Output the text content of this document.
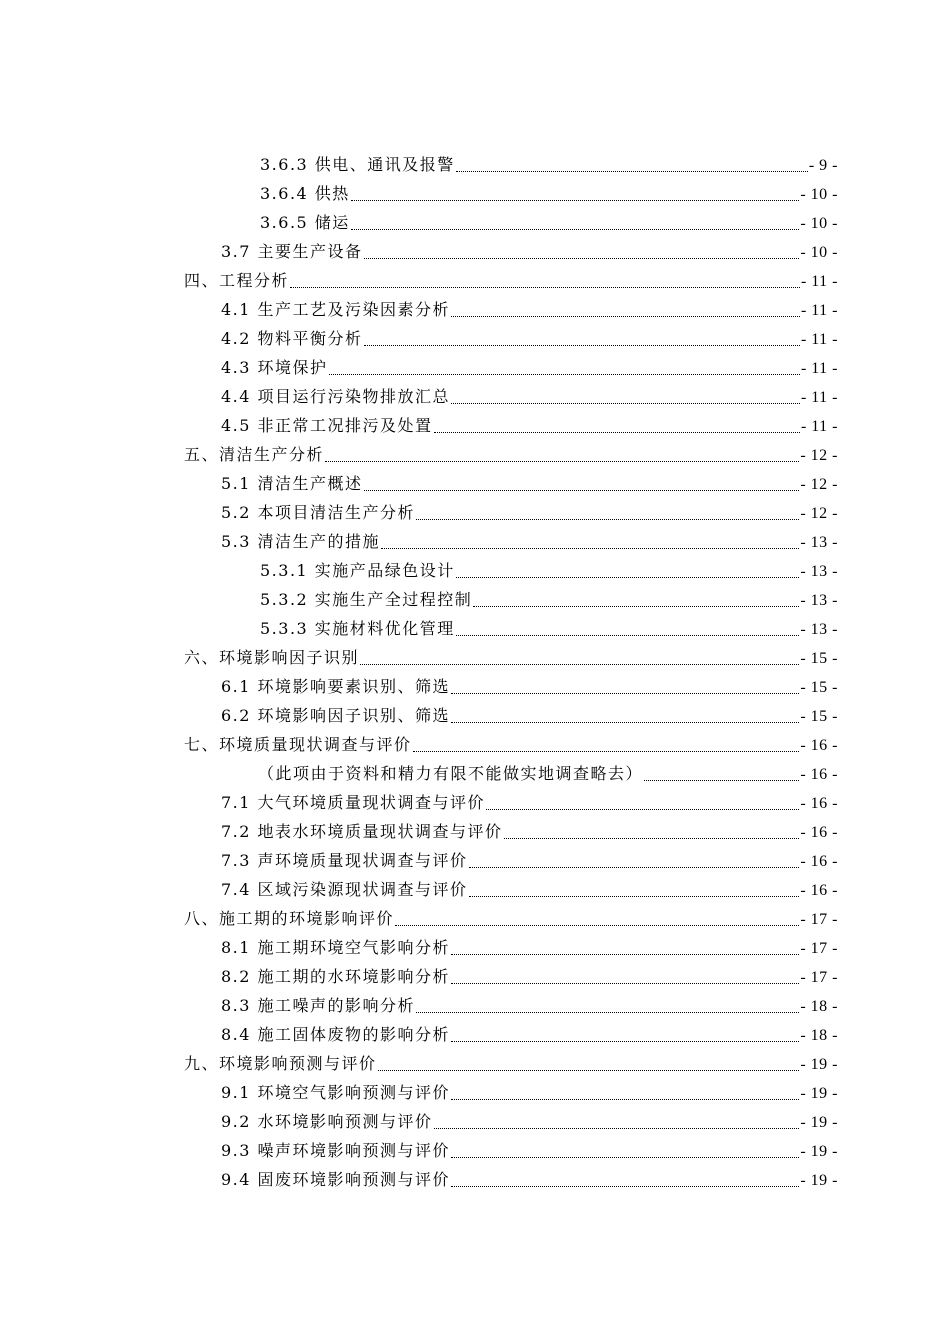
3.6.3 供电、通讯及报警	- 9 -
3.6.4 供热	- 10 -
3.6.5 储运	- 10 -
3.7 主要生产设备	- 10 -
四、工程分析	- 11 -
4.1 生产工艺及污染因素分析	- 11 -
4.2 物料平衡分析	- 11 -
4.3 环境保护	- 11 -
4.4 项目运行污染物排放汇总	- 11 -
4.5 非正常工况排污及处置	- 11 -
五、清洁生产分析	- 12 -
5.1 清洁生产概述	- 12 -
5.2 本项目清洁生产分析	- 12 -
5.3 清洁生产的措施	- 13 -
5.3.1 实施产品绿色设计	- 13 -
5.3.2 实施生产全过程控制	- 13 -
5.3.3 实施材料优化管理	- 13 -
六、环境影响因子识别	- 15 -
6.1 环境影响要素识别、筛选	- 15 -
6.2 环境影响因子识别、筛选	- 15 -
七、环境质量现状调查与评价	- 16 -
（此项由于资料和精力有限不能做实地调查略去）	- 16 -
7.1 大气环境质量现状调查与评价	- 16 -
7.2 地表水环境质量现状调查与评价	- 16 -
7.3 声环境质量现状调查与评价	- 16 -
7.4 区域污染源现状调查与评价	- 16 -
八、施工期的环境影响评价	- 17 -
8.1 施工期环境空气影响分析	- 17 -
8.2 施工期的水环境影响分析	- 17 -
8.3 施工噪声的影响分析	- 18 -
8.4 施工固体废物的影响分析	- 18 -
九、环境影响预测与评价	- 19 -
9.1 环境空气影响预测与评价	- 19 -
9.2 水环境影响预测与评价	- 19 -
9.3 噪声环境影响预测与评价	- 19 -
9.4 固废环境影响预测与评价	- 19 -
